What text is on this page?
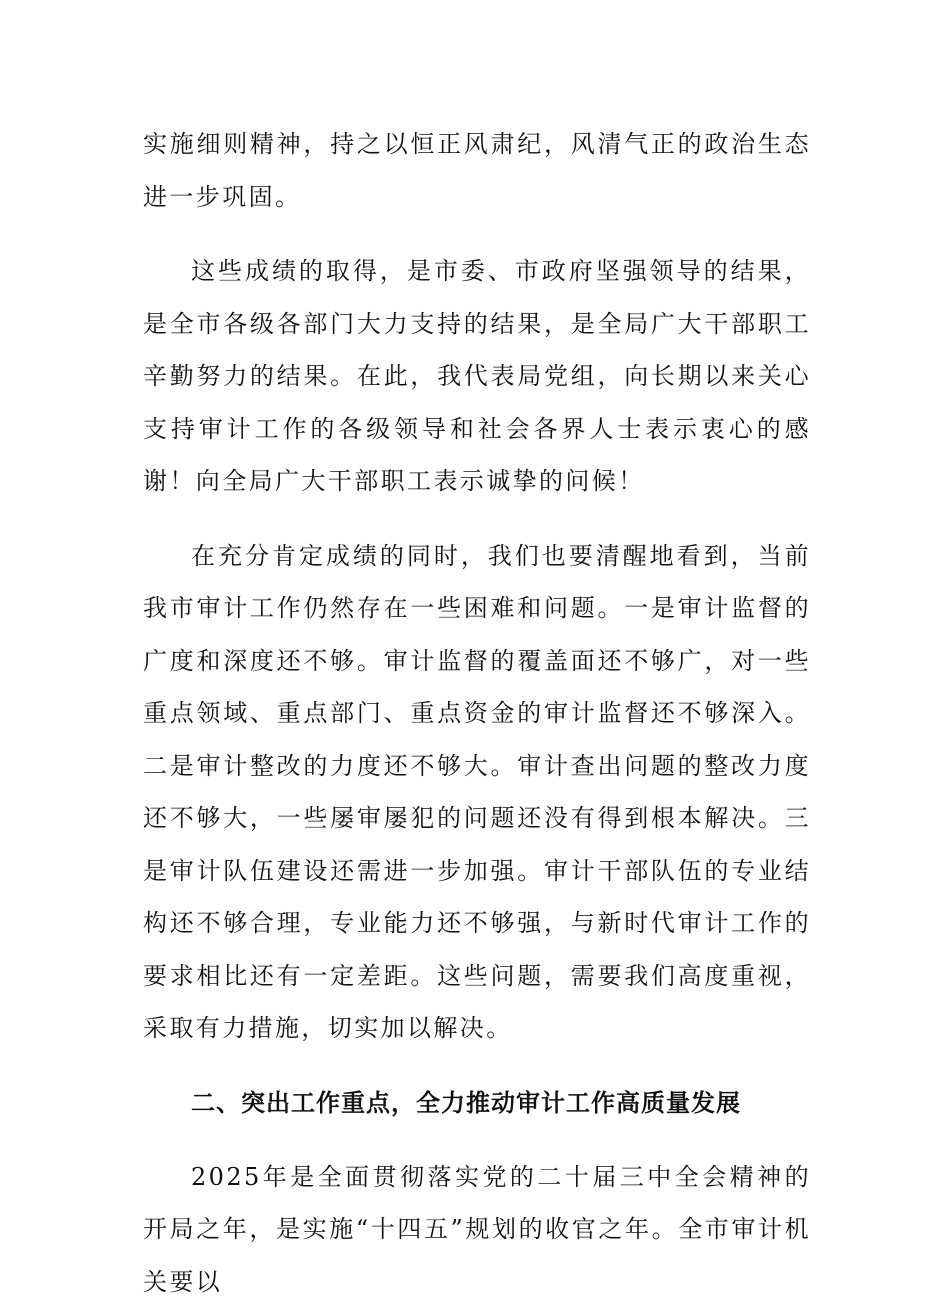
实施细则精神，持之以恒正风肃纪，风清气正的政治生态进一步巩固。

这些成绩的取得，是市委、市政府坚强领导的结果，是全市各级各部门大力支持的结果，是全局广大干部职工辛勤努力的结果。在此，我代表局党组，向长期以来关心支持审计工作的各级领导和社会各界人士表示衷心的感谢！向全局广大干部职工表示诚挚的问候！

在充分肯定成绩的同时，我们也要清醒地看到，当前我市审计工作仍然存在一些困难和问题。一是审计监督的广度和深度还不够。审计监督的覆盖面还不够广，对一些重点领域、重点部门、重点资金的审计监督还不够深入。二是审计整改的力度还不够大。审计查出问题的整改力度还不够大，一些屡审屡犯的问题还没有得到根本解决。三是审计队伍建设还需进一步加强。审计干部队伍的专业结构还不够合理，专业能力还不够强，与新时代审计工作的要求相比还有一定差距。这些问题，需要我们高度重视，采取有力措施，切实加以解决。

二、突出工作重点，全力推动审计工作高质量发展

2025年是全面贯彻落实党的二十届三中全会精神的开局之年，是实施“十四五”规划的收官之年。全市审计机关要以
